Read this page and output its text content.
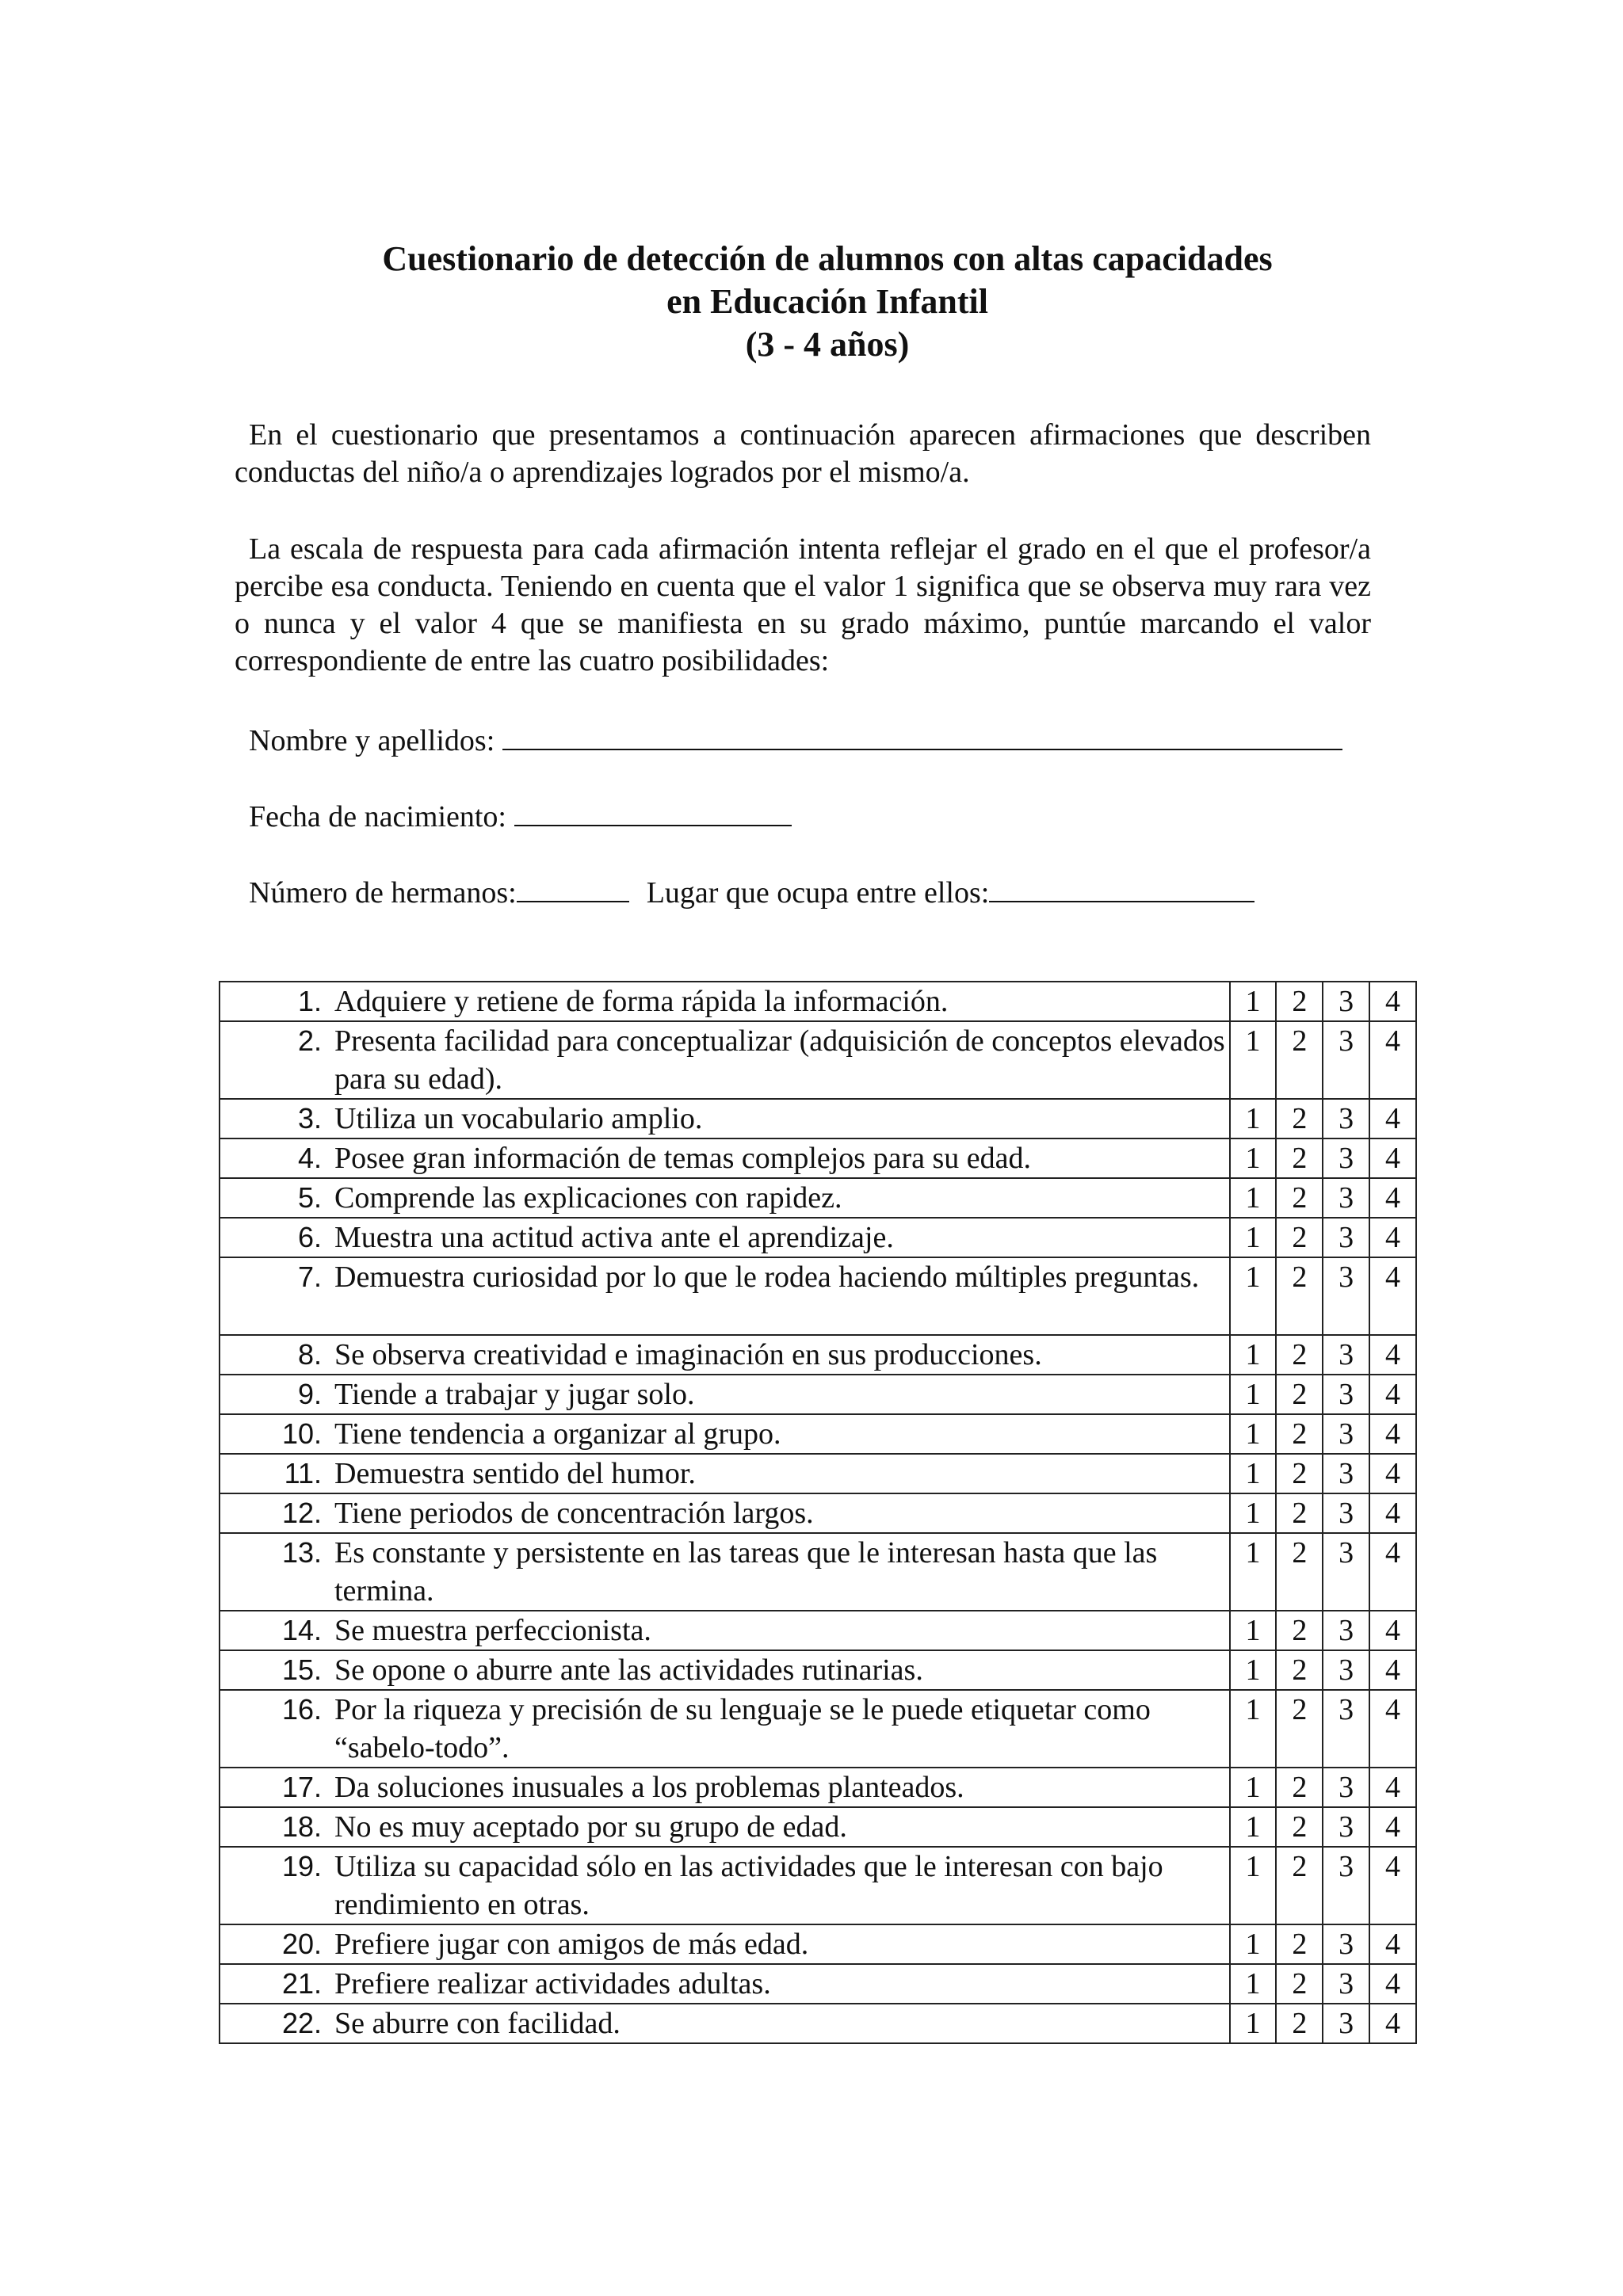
Cuestionario de detección de alumnos con altas capacidades
en Educación Infantil
(3 - 4 años)

En el cuestionario que presentamos a continuación aparecen afirmaciones que describen conductas del niño/a o aprendizajes logrados por el mismo/a.

La escala de respuesta para cada afirmación intenta reflejar el grado en el que el profesor/a percibe esa conducta. Teniendo en cuenta que el valor 1 significa que se observa muy rara vez o nunca y el valor 4 que se manifiesta en su grado máximo, puntúe marcando el valor correspondiente de entre las cuatro posibilidades:

Nombre y apellidos:
Fecha de nacimiento:
Número de hermanos:	Lugar que ocupa entre ellos:
1. Adquiere y retiene de forma rápida la información.	1	2	3	4

2. Presenta facilidad para conceptualizar (adquisición de conceptos elevados para su edad).	1	2	3	4

3. Utiliza un vocabulario amplio.	1	2	3	4

4. Posee gran información de temas complejos para su edad.	1	2	3	4

5. Comprende las explicaciones con rapidez.	1	2	3	4

6. Muestra una actitud activa ante el aprendizaje.	1	2	3	4

7. Demuestra curiosidad por lo que le rodea haciendo múltiples preguntas.	1	2	3	4

8. Se observa creatividad e imaginación en sus producciones.	1	2	3	4

9. Tiende a trabajar y jugar solo.	1	2	3	4

10. Tiene tendencia a organizar al grupo.	1	2	3	4

11. Demuestra sentido del humor.	1	2	3	4

12. Tiene periodos de concentración largos.	1	2	3	4

13. Es constante y persistente en las tareas que le interesan hasta que las termina.	1	2	3	4

14. Se muestra perfeccionista.	1	2	3	4

15. Se opone o aburre ante las actividades rutinarias.	1	2	3	4

16. Por la riqueza y precisión de su lenguaje se le puede etiquetar como “sabelo-todo”.	1	2	3	4

17. Da soluciones inusuales a los problemas planteados.	1	2	3	4

18. No es muy aceptado por su grupo de edad.	1	2	3	4

19. Utiliza su capacidad sólo en las actividades que le interesan con bajo rendimiento en otras.	1	2	3	4

20. Prefiere jugar con amigos de más edad.	1	2	3	4

21. Prefiere realizar actividades adultas.	1	2	3	4

22. Se aburre con facilidad.	1	2	3	4
